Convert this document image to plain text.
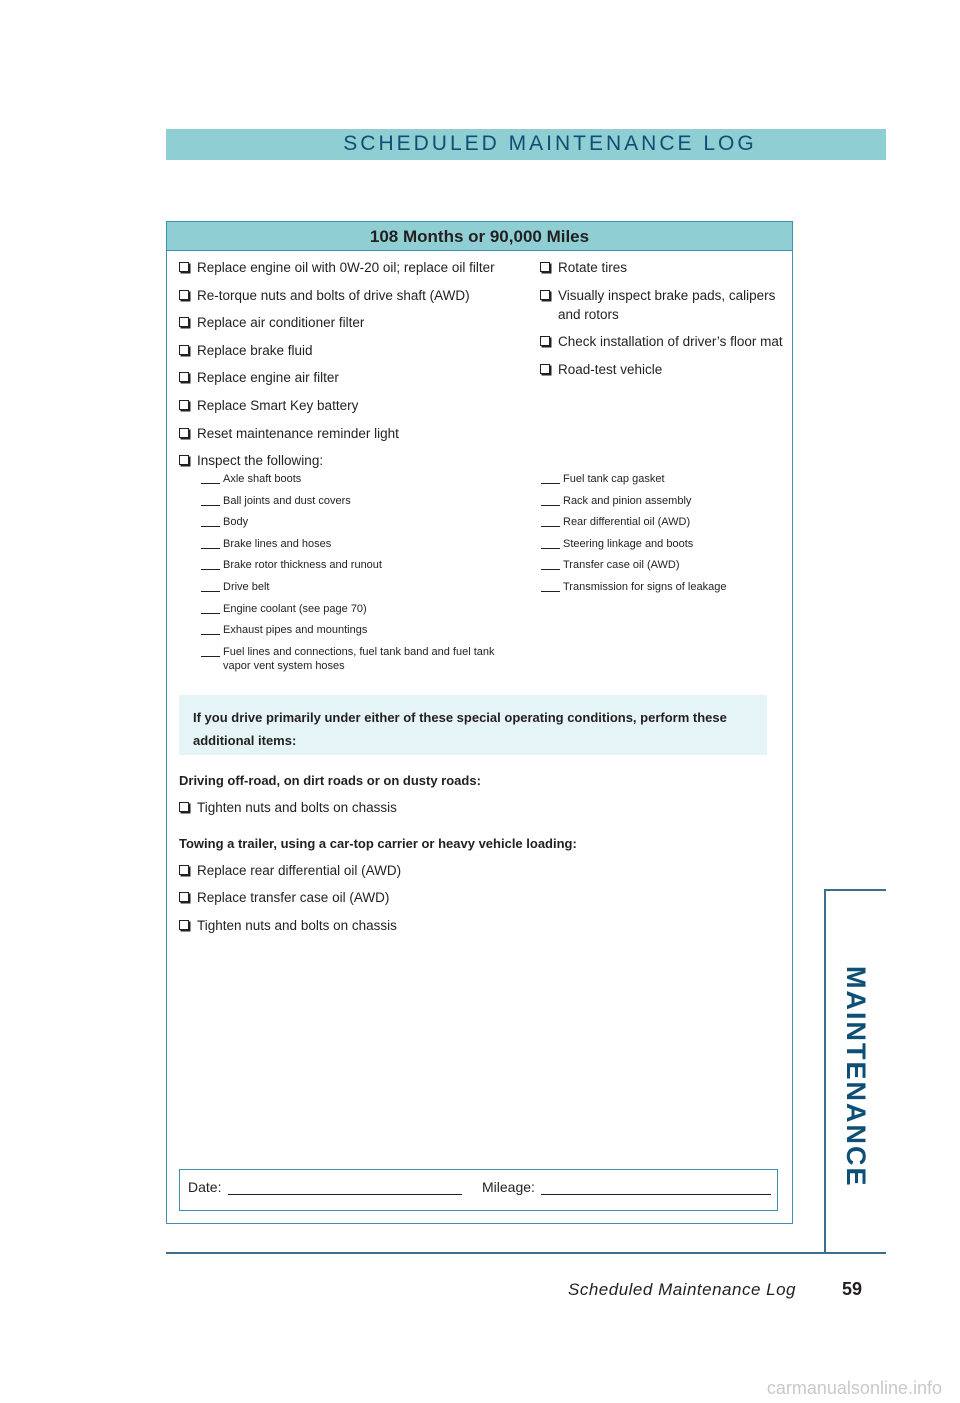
SCHEDULED MAINTENANCE LOG
108 Months or 90,000 Miles
Replace engine oil with 0W-20 oil; replace oil filter
Re-torque nuts and bolts of drive shaft (AWD)
Replace air conditioner filter
Replace brake fluid
Replace engine air filter
Replace Smart Key battery
Reset maintenance reminder light
Inspect the following:
Rotate tires
Visually inspect brake pads, calipers and rotors
Check installation of driver’s floor mat
Road-test vehicle
Axle shaft boots
Ball joints and dust covers
Body
Brake lines and hoses
Brake rotor thickness and runout
Drive belt
Engine coolant (see page 70)
Exhaust pipes and mountings
Fuel lines and connections, fuel tank band and fuel tank vapor vent system hoses
Fuel tank cap gasket
Rack and pinion assembly
Rear differential oil (AWD)
Steering linkage and boots
Transfer case oil (AWD)
Transmission for signs of leakage
If you drive primarily under either of these special operating conditions, perform these additional items:
Driving off-road, on dirt roads or on dusty roads:
Tighten nuts and bolts on chassis
Towing a trailer, using a car-top carrier or heavy vehicle loading:
Replace rear differential oil (AWD)
Replace transfer case oil (AWD)
Tighten nuts and bolts on chassis
Date:	Mileage:	MAINTENANCE
Scheduled Maintenance Log	59
carmanualsonline.info
